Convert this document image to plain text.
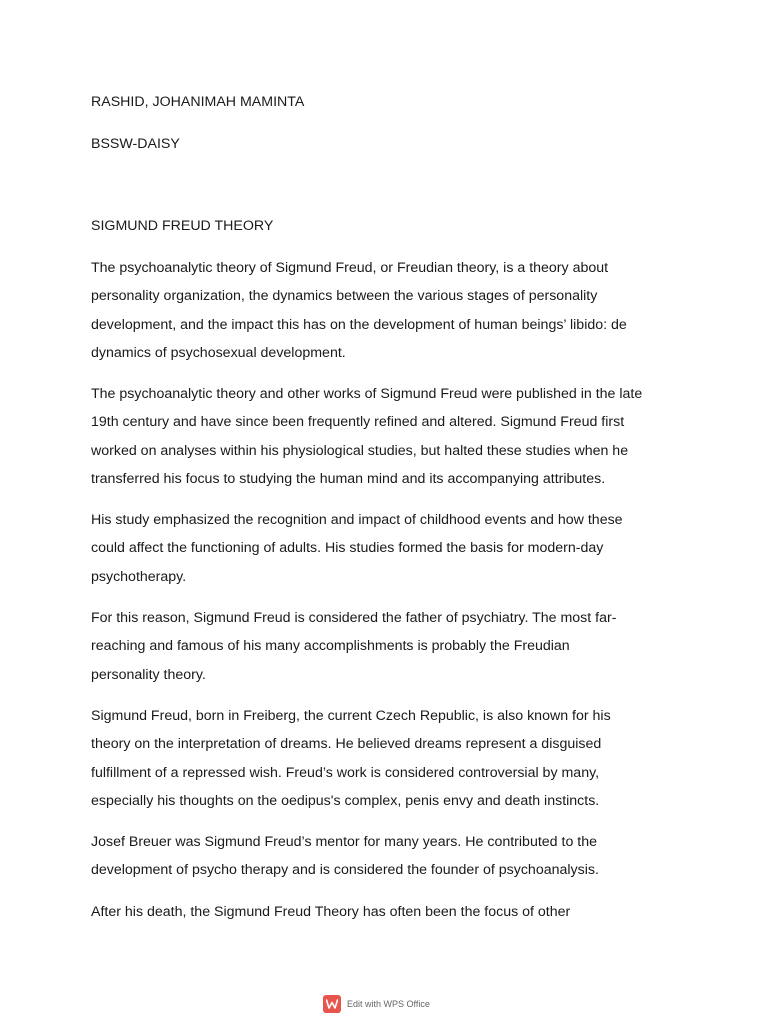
RASHID, JOHANIMAH MAMINTA
BSSW-DAISY
SIGMUND FREUD THEORY

The psychoanalytic theory of Sigmund Freud, or Freudian theory, is a theory about

personality organization, the dynamics between the various stages of personality

development, and the impact this has on the development of human beings’ libido: de

dynamics of psychosexual development.

The psychoanalytic theory and other works of Sigmund Freud were published in the late

19th century and have since been frequently refined and altered. Sigmund Freud first

worked on analyses within his physiological studies, but halted these studies when he

transferred his focus to studying the human mind and its accompanying attributes.

His study emphasized the recognition and impact of childhood events and how these

could affect the functioning of adults. His studies formed the basis for modern-day

psychotherapy.

For this reason, Sigmund Freud is considered the father of psychiatry. The most far-

reaching and famous of his many accomplishments is probably the Freudian

personality theory.

Sigmund Freud, born in Freiberg, the current Czech Republic, is also known for his

theory on the interpretation of dreams. He believed dreams represent a disguised

fulfillment of a repressed wish. Freud’s work is considered controversial by many,

especially his thoughts on the oedipus's complex, penis envy and death instincts.

Josef Breuer was Sigmund Freud’s mentor for many years. He contributed to the

development of psycho therapy and is considered the founder of psychoanalysis.

After his death, the Sigmund Freud Theory has often been the focus of other

Edit with WPS Office
